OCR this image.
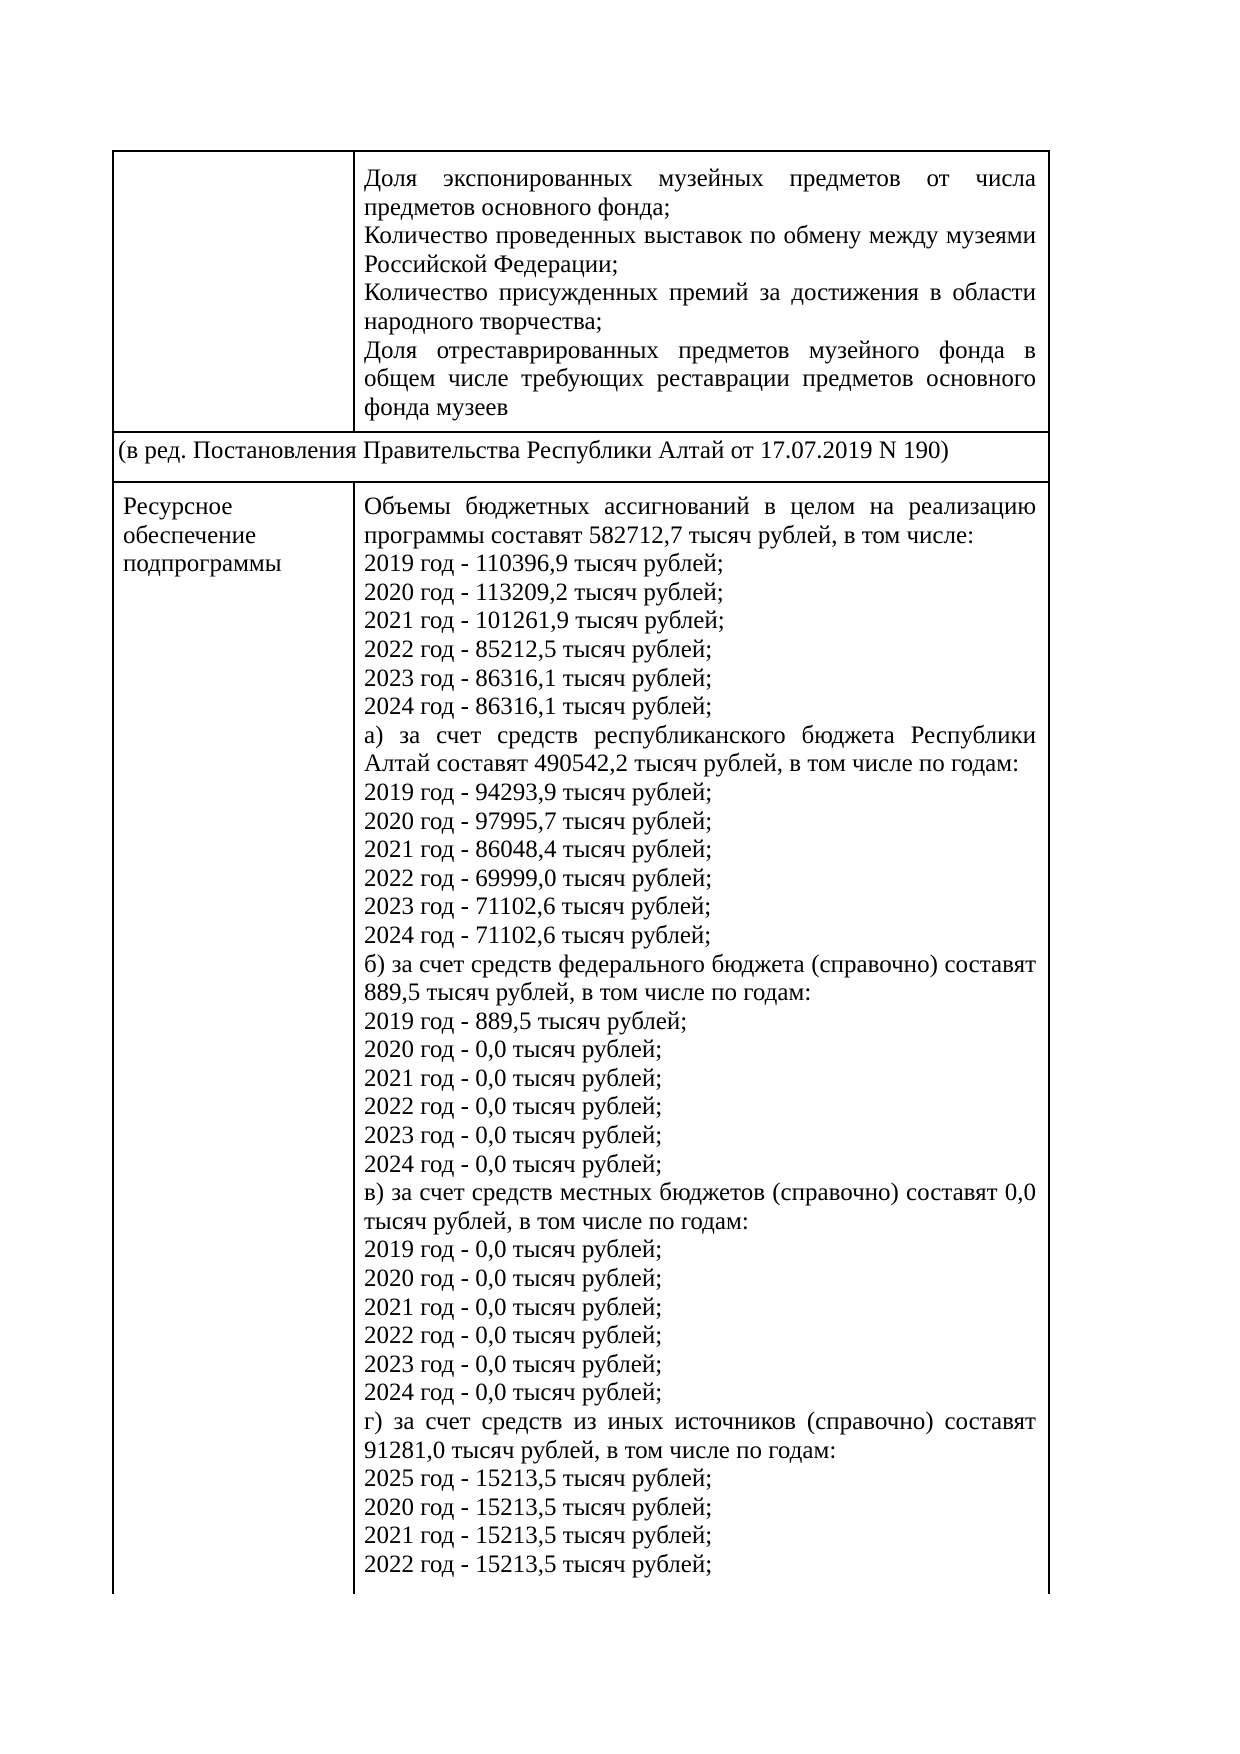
Доля экспонированных музейных предметов от числа предметов основного фонда;

Количество проведенных выставок по обмену между музеями Российской Федерации;

Количество присужденных премий за достижения в области народного творчества;

Доля отреставрированных предметов музейного фонда в общем числе требующих реставрации предметов основного фонда музеев

(в ред. Постановления Правительства Республики Алтай от 17.07.2019 N 190)
Ресурсное обеспечение подпрограммы

Объемы бюджетных ассигнований в целом на реализацию программы составят 582712,7 тысяч рублей, в том числе:

2019 год - 110396,9 тысяч рублей;

2020 год - 113209,2 тысяч рублей;

2021 год - 101261,9 тысяч рублей;

2022 год - 85212,5 тысяч рублей;

2023 год - 86316,1 тысяч рублей;

2024 год - 86316,1 тысяч рублей;

а) за счет средств республиканского бюджета Республики Алтай составят 490542,2 тысяч рублей, в том числе по годам:

2019 год - 94293,9 тысяч рублей;

2020 год - 97995,7 тысяч рублей;

2021 год - 86048,4 тысяч рублей;

2022 год - 69999,0 тысяч рублей;

2023 год - 71102,6 тысяч рублей;

2024 год - 71102,6 тысяч рублей;

б) за счет средств федерального бюджета (справочно) составят 889,5 тысяч рублей, в том числе по годам:

2019 год - 889,5 тысяч рублей;

2020 год - 0,0 тысяч рублей;

2021 год - 0,0 тысяч рублей;

2022 год - 0,0 тысяч рублей;

2023 год - 0,0 тысяч рублей;

2024 год - 0,0 тысяч рублей;

в) за счет средств местных бюджетов (справочно) составят 0,0 тысяч рублей, в том числе по годам:

2019 год - 0,0 тысяч рублей;

2020 год - 0,0 тысяч рублей;

2021 год - 0,0 тысяч рублей;

2022 год - 0,0 тысяч рублей;

2023 год - 0,0 тысяч рублей;

2024 год - 0,0 тысяч рублей;

г) за счет средств из иных источников (справочно) составят 91281,0 тысяч рублей, в том числе по годам:

2025 год - 15213,5 тысяч рублей;

2020 год - 15213,5 тысяч рублей;

2021 год - 15213,5 тысяч рублей;

2022 год - 15213,5 тысяч рублей;
